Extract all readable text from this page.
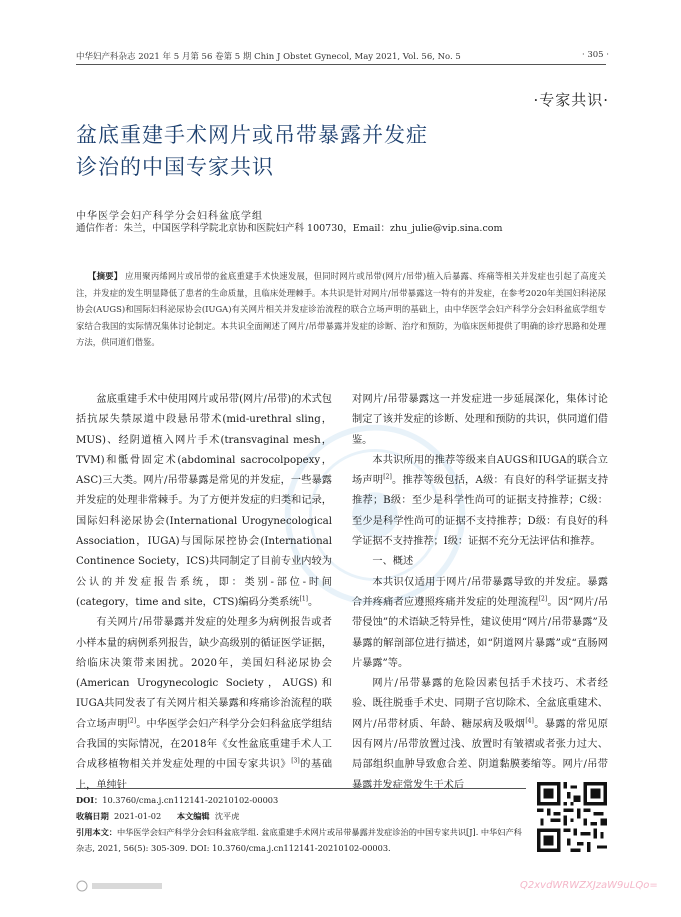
中华妇产科杂志 2021 年 5 月第 56 卷第 5 期 Chin J Obstet Gynecol, May 2021, Vol. 56, No. 5	· 305 ·
·专家共识·
盆底重建手术网片或吊带暴露并发症
诊治的中国专家共识
中华医学会妇产科学分会妇科盆底学组
通信作者：朱兰，中国医学科学院北京协和医院妇产科 100730，Email：zhu_julie@vip.sina.com
【摘要】 应用聚丙烯网片或吊带的盆底重建手术快速发展，但同时网片或吊带(网片/吊带)植入后暴露、疼痛等相关并发症也引起了高度关注，并发症的发生明显降低了患者的生命质量，且临床处理棘手。本共识是针对网片/吊带暴露这一特有的并发症，在参考2020年美国妇科泌尿协会(AUGS)和国际妇科泌尿协会(IUGA)有关网片相关并发症诊治流程的联合立场声明的基础上，由中华医学会妇产科学分会妇科盆底学组专家结合我国的实际情况集体讨论制定。本共识全面阐述了网片/吊带暴露并发症的诊断、治疗和预防，为临床医师提供了明确的诊疗思路和处理方法，供同道们借鉴。

盆底重建手术中使用网片或吊带(网片/吊带)的术式包括抗尿失禁尿道中段悬吊带术(mid-urethral sling，MUS)、经阴道植入网片手术(transvaginal mesh，TVM)和骶骨固定术(abdominal sacrocolpopexy，ASC)三大类。网片/吊带暴露是常见的并发症，一些暴露并发症的处理非常棘手。为了方便并发症的归类和记录，国际妇科泌尿协会(International Urogynecological Association，IUGA)与国际尿控协会(International Continence Society，ICS)共同制定了目前专业内较为公认的并发症报告系统，即：类别-部位-时间(category，time and site，CTS)编码分类系统[1]。

有关网片/吊带暴露并发症的处理多为病例报告或者小样本量的病例系列报告，缺少高级别的循证医学证据，给临床决策带来困扰。2020年，美国妇科泌尿协会(American Urogynecologic Society，AUGS)和IUGA共同发表了有关网片相关暴露和疼痛诊治流程的联合立场声明[2]。中华医学会妇产科学分会妇科盆底学组结合我国的实际情况，在2018年《女性盆底重建手术人工合成移植物相关并发症处理的中国专家共识》[3]的基础上，单纯针

对网片/吊带暴露这一并发症进一步延展深化，集体讨论制定了该并发症的诊断、处理和预防的共识，供同道们借鉴。

本共识所用的推荐等级来自AUGS和IUGA的联合立场声明[2]。推荐等级包括，A级：有良好的科学证据支持推荐；B级：至少是科学性尚可的证据支持推荐；C级：至少是科学性尚可的证据不支持推荐；D级：有良好的科学证据不支持推荐；I级：证据不充分无法评估和推荐。

一、概述

本共识仅适用于网片/吊带暴露导致的并发症。暴露合并疼痛者应遵照疼痛并发症的处理流程[2]。因“网片/吊带侵蚀”的术语缺乏特异性，建议使用“网片/吊带暴露”及暴露的解剖部位进行描述，如“阴道网片暴露”或“直肠网片暴露”等。

网片/吊带暴露的危险因素包括手术技巧、术者经验、既往脱垂手术史、同期子宫切除术、全盆底重建术、网片/吊带材质、年龄、糖尿病及吸烟[4]。暴露的常见原因有网片/吊带放置过浅、放置时有皱褶或者张力过大、局部组织血肿导致愈合差、阴道黏膜萎缩等。网片/吊带暴露并发症常发生于术后

DOI：10.3760/cma.j.cn112141-20210102-00003
收稿日期 2021-01-02 本文编辑 沈平虎
引用本文：中华医学会妇产科学分会妇科盆底学组. 盆底重建手术网片或吊带暴露并发症诊治的中国专家共识[J]. 中华妇产科杂志, 2021, 56(5): 305-309. DOI: 10.3760/cma.j.cn112141-20210102-00003.
Q2xvdWRWZXJzaW9uLQo=
